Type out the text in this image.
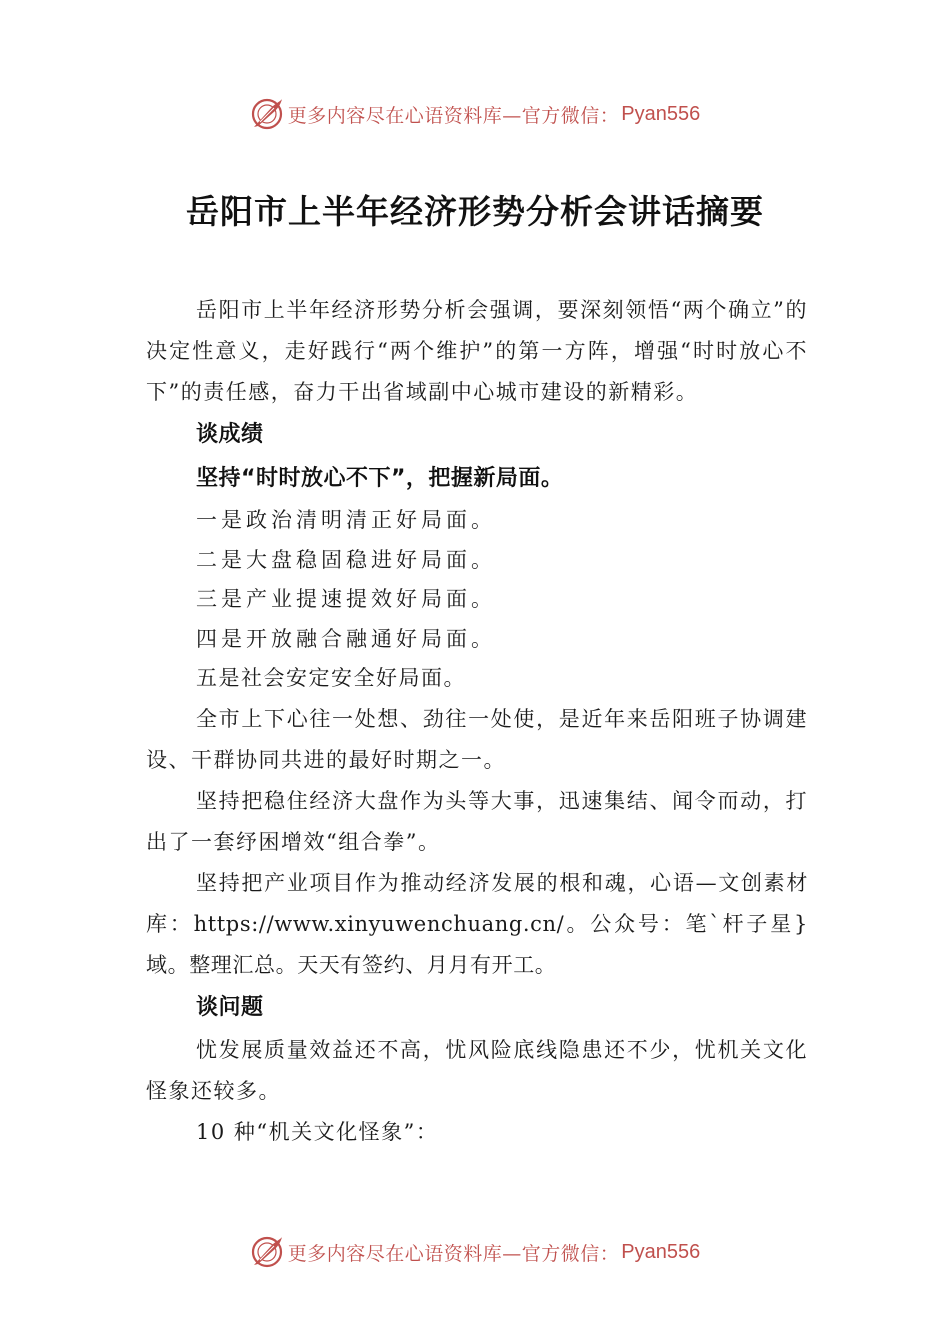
更多内容尽在心语资料库—官方微信： Pyan556
岳阳市上半年经济形势分析会讲话摘要

岳阳市上半年经济形势分析会强调，要深刻领悟“两个确立”的决定性意义，走好践行“两个维护”的第一方阵，增强“时时放心不下”的责任感，奋力干出省域副中心城市建设的新精彩。

谈成绩

坚持“时时放心不下”，把握新局面。

一是政治清明清正好局面。

二是大盘稳固稳进好局面。

三是产业提速提效好局面。

四是开放融合融通好局面。

五是社会安定安全好局面。

全市上下心往一处想、劲往一处使，是近年来岳阳班子协调建设、干群协同共进的最好时期之一。

坚持把稳住经济大盘作为头等大事，迅速集结、闻令而动，打出了一套纾困增效“组合拳”。

坚持把产业项目作为推动经济发展的根和魂，心语—文创素材库：https://www.xinyuwenchuang.cn/。公众号：笔`杆子星}域。整理汇总。天天有签约、月月有开工。

谈问题

忧发展质量效益还不高，忧风险底线隐患还不少，忧机关文化怪象还较多。

10 种“机关文化怪象”：

更多内容尽在心语资料库—官方微信： Pyan556
